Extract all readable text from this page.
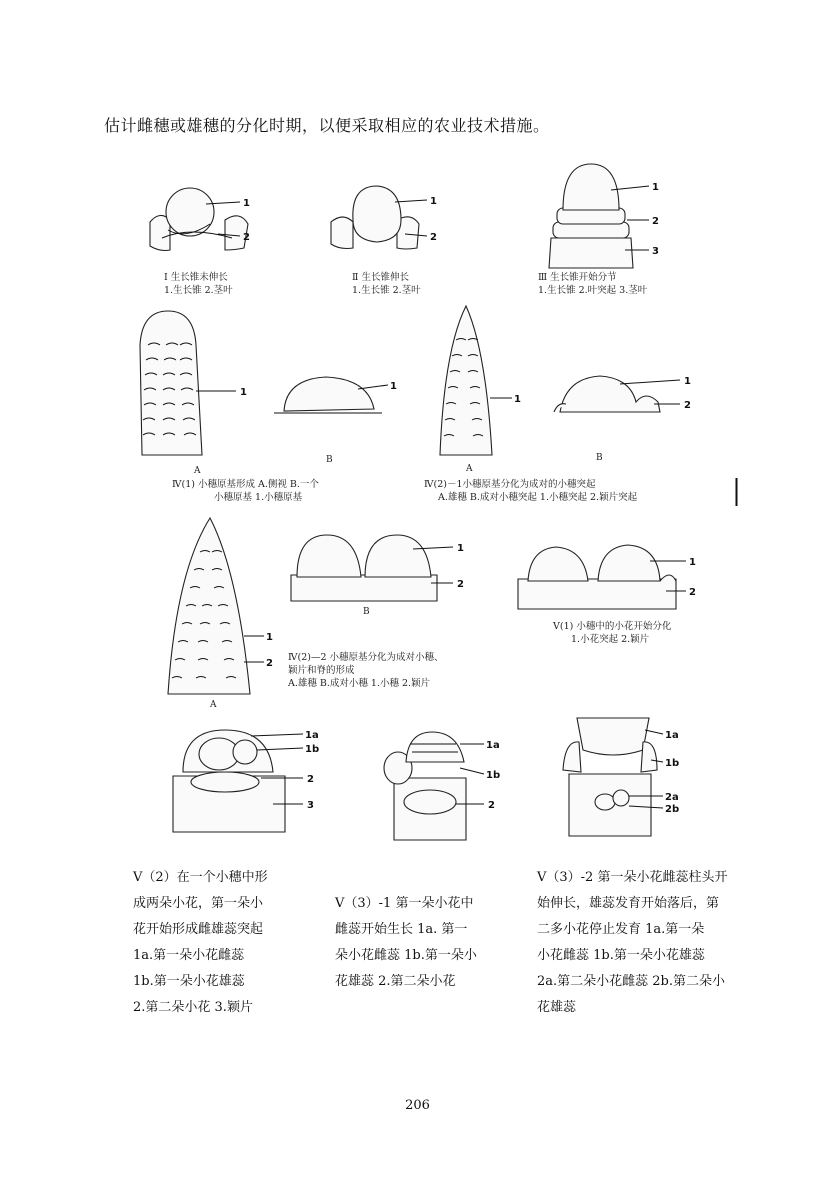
估计雌穗或雄穗的分化时期，以便采取相应的农业技术措施。
1
2
Ⅰ 生长锥未伸长
1.生长锥 2.茎叶
1
2
Ⅱ 生长锥伸长
1.生长锥 2.茎叶
1
2
3
Ⅲ 生长锥开始分节
1.生长锥 2.叶突起 3.茎叶
1
A
1
B
Ⅳ(1) 小穗原基形成 A.侧视 B.一个
小穗原基 1.小穗原基
1
A
1
2
B
Ⅳ(2)－1小穗原基分化为成对的小穗突起
A.雄穗 B.成对小穗突起 1.小穗突起 2.颖片突起
1
2
A
1
2
B
Ⅳ(2)—2 小穗原基分化为成对小穗、
颖片和脊的形成
A.雄穗 B.成对小穗 1.小穗 2.颖片
1
2
Ⅴ(1) 小穗中的小花开始分化
1.小花突起 2.颖片
1a
1b
2
3
1a
1b
2
1a
1b
2a
2b
Ⅴ（2）在一个小穗中形
成两朵小花，第一朵小
花开始形成雌雄蕊突起
1a.第一朵小花雌蕊
1b.第一朵小花雄蕊
2.第二朵小花 3.颖片
Ⅴ（3）-1 第一朵小花中
雌蕊开始生长 1a. 第一
朵小花雌蕊 1b.第一朵小
花雄蕊 2.第二朵小花
Ⅴ（3）-2 第一朵小花雌蕊柱头开
始伸长，雄蕊发育开始落后，第
二多小花停止发育 1a.第一朵
小花雌蕊 1b.第一朵小花雄蕊
2a.第二朵小花雌蕊 2b.第二朵小
花雄蕊
206
